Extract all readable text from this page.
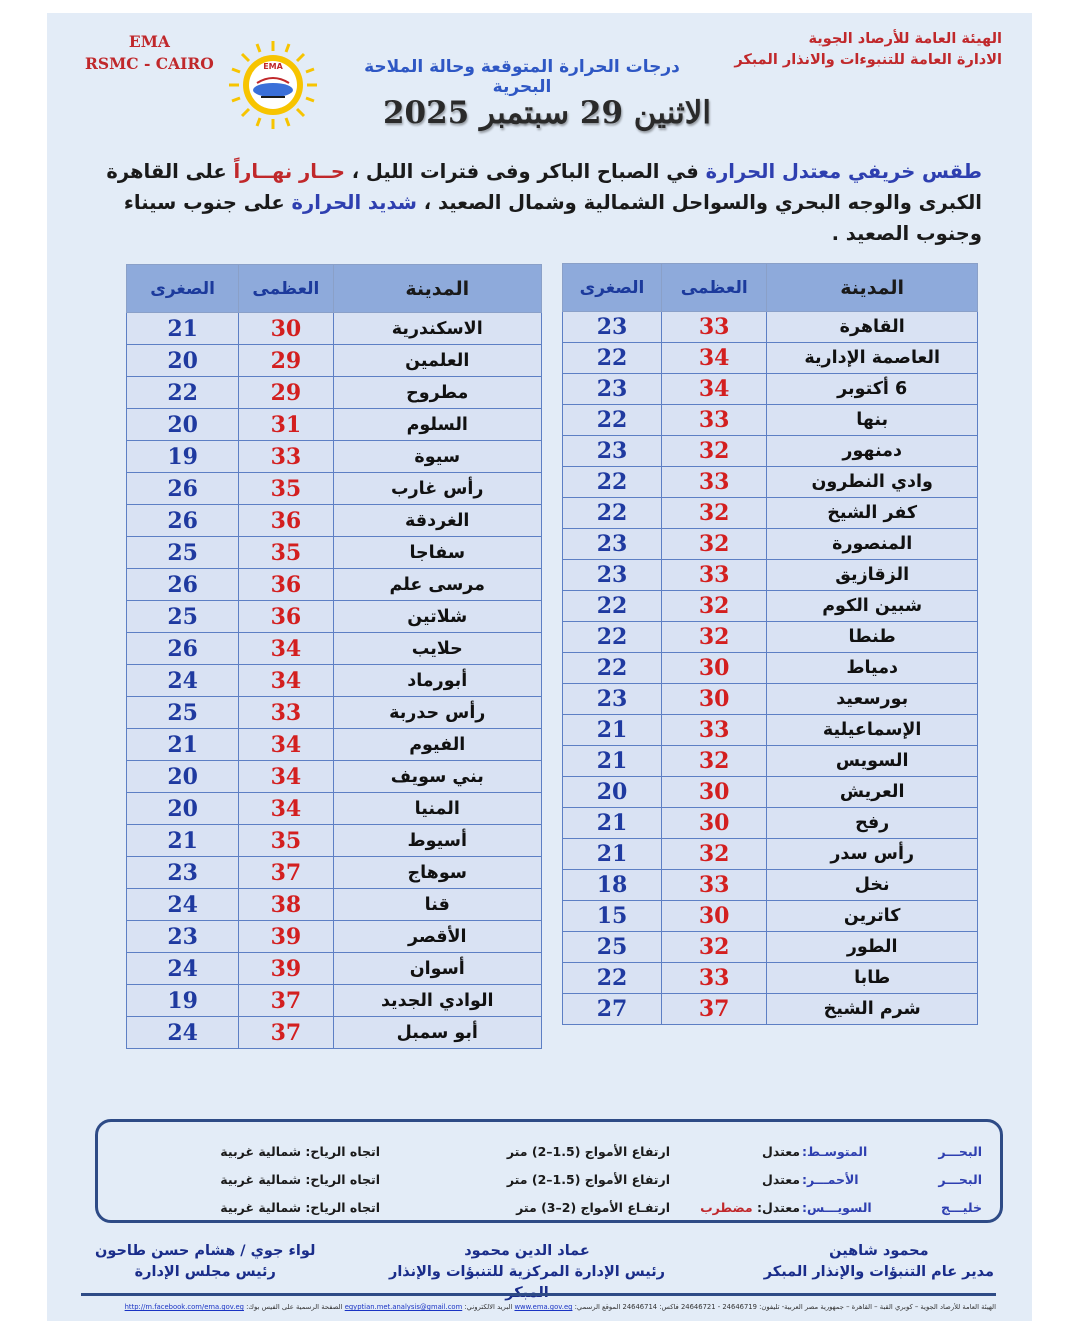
الهيئة العامة للأرصاد الجوية
الادارة العامة للتنبوءات والانذار المبكر
EMA
RSMC - CAIRO	EMA	درجات الحرارة المتوقعة وحالة الملاحة البحرية
الاثنين 29 سبتمبر 2025
طقس خريفي معتدل الحرارة في الصباح الباكر وفى فترات الليل ، حــار نهــاراً على القاهرة الكبرى والوجه البحري والسواحل الشمالية وشمال الصعيد ، شديد الحرارة على جنوب سيناء وجنوب الصعيد .
المدينة	العظمى	الصغرى
القاهرة	33	23
العاصمة الإدارية	34	22
6 أكتوبر	34	23
بنها	33	22
دمنهور	32	23
وادي النطرون	33	22
كفر الشيخ	32	22
المنصورة	32	23
الزقازيق	33	23
شبين الكوم	32	22
طنطا	32	22
دمياط	30	22
بورسعيد	30	23
الإسماعيلية	33	21
السويس	32	21
العريش	30	20
رفح	30	21
رأس سدر	32	21
نخل	33	18
كاترين	30	15
الطور	32	25
طابا	33	22
شرم الشيخ	37	27
المدينة	العظمى	الصغرى
الاسكندرية	30	21
العلمين	29	20
مطروح	29	22
السلوم	31	20
سيوة	33	19
رأس غارب	35	26
الغردقة	36	26
سفاجا	35	25
مرسى علم	36	26
شلاتين	36	25
حلايب	34	26
أبورماد	34	24
رأس حدربة	33	25
الفيوم	34	21
بني سويف	34	20
المنيا	34	20
أسيوط	35	21
سوهاج	37	23
قنا	38	24
الأقصر	39	23
أسوان	39	24
الوادي الجديد	37	19
أبو سمبل	37	24
البحـــر المتوسـط:
معتدل
ارتفاع الأمواج (1.5–2) متر
اتجاه الرياح: شمالية غربية
البحـــر الأحمـــر:
معتدل
ارتفاع الأمواج (1.5–2) متر
اتجاه الرياح: شمالية غربية
خليـــج السويـــس:
معتدل: مضطرب
ارتفـاع الأمواج (2–3) متر
اتجاه الرياح: شمالية غربية
محمود شاهين
مدير عام التنبؤات والإنذار المبكر
عماد الدين محمود
رئيس الإدارة المركزية للتنبؤات والإنذار
لواء جوي / هشام حسن طاحون
رئيس مجلس الإدارة
الهيئة العامة للأرصاد الجوية – كوبري القبة – القاهرة – جمهورية مصر العربية- تليفون: 24646719 - 24646721 فاكس: 24646714 الموقع الرسمي: www.ema.gov.eg البريد الالكتروني: egyptian.met.analysis@gmail.com الصفحة الرسمية على الفيس بوك: http://m.facebook.com/ema.gov.eg
